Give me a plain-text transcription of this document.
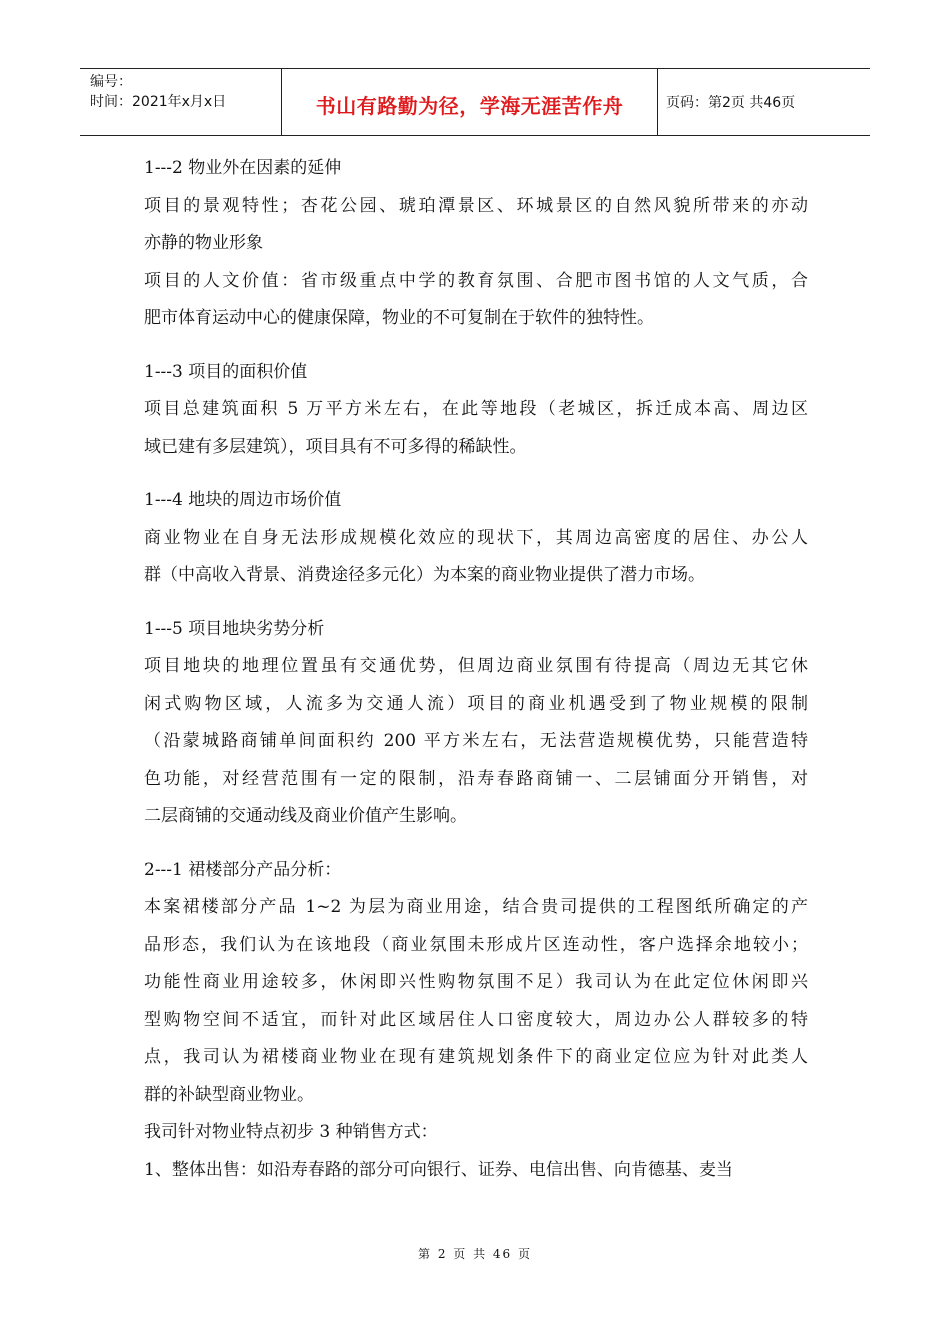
编号：
时间：2021年x月x日	书山有路勤为径，学海无涯苦作舟	页码：第2页 共46页
1---2 物业外在因素的延伸
项目的景观特性；杏花公园、琥珀潭景区、环城景区的自然风貌所带来的亦动
亦静的物业形象
项目的人文价值：省市级重点中学的教育氛围、合肥市图书馆的人文气质，合
肥市体育运动中心的健康保障，物业的不可复制在于软件的独特性。
1---3 项目的面积价值
项目总建筑面积 5 万平方米左右，在此等地段（老城区，拆迁成本高、周边区
域已建有多层建筑），项目具有不可多得的稀缺性。
1---4 地块的周边市场价值
商业物业在自身无法形成规模化效应的现状下，其周边高密度的居住、办公人
群（中高收入背景、消费途径多元化）为本案的商业物业提供了潜力市场。
1---5 项目地块劣势分析
项目地块的地理位置虽有交通优势，但周边商业氛围有待提高（周边无其它休
闲式购物区域，人流多为交通人流）项目的商业机遇受到了物业规模的限制
（沿蒙城路商铺单间面积约 200 平方米左右，无法营造规模优势，只能营造特
色功能，对经营范围有一定的限制，沿寿春路商铺一、二层铺面分开销售，对
二层商铺的交通动线及商业价值产生影响。
2---1 裙楼部分产品分析：
本案裙楼部分产品 1~2 为层为商业用途，结合贵司提供的工程图纸所确定的产
品形态，我们认为在该地段（商业氛围未形成片区连动性，客户选择余地较小；
功能性商业用途较多，休闲即兴性购物氛围不足）我司认为在此定位休闲即兴
型购物空间不适宜，而针对此区域居住人口密度较大，周边办公人群较多的特
点，我司认为裙楼商业物业在现有建筑规划条件下的商业定位应为针对此类人
群的补缺型商业物业。
我司针对物业特点初步 3 种销售方式：
1、整体出售：如沿寿春路的部分可向银行、证券、电信出售、向肯德基、麦当
第 2 页 共 46 页
